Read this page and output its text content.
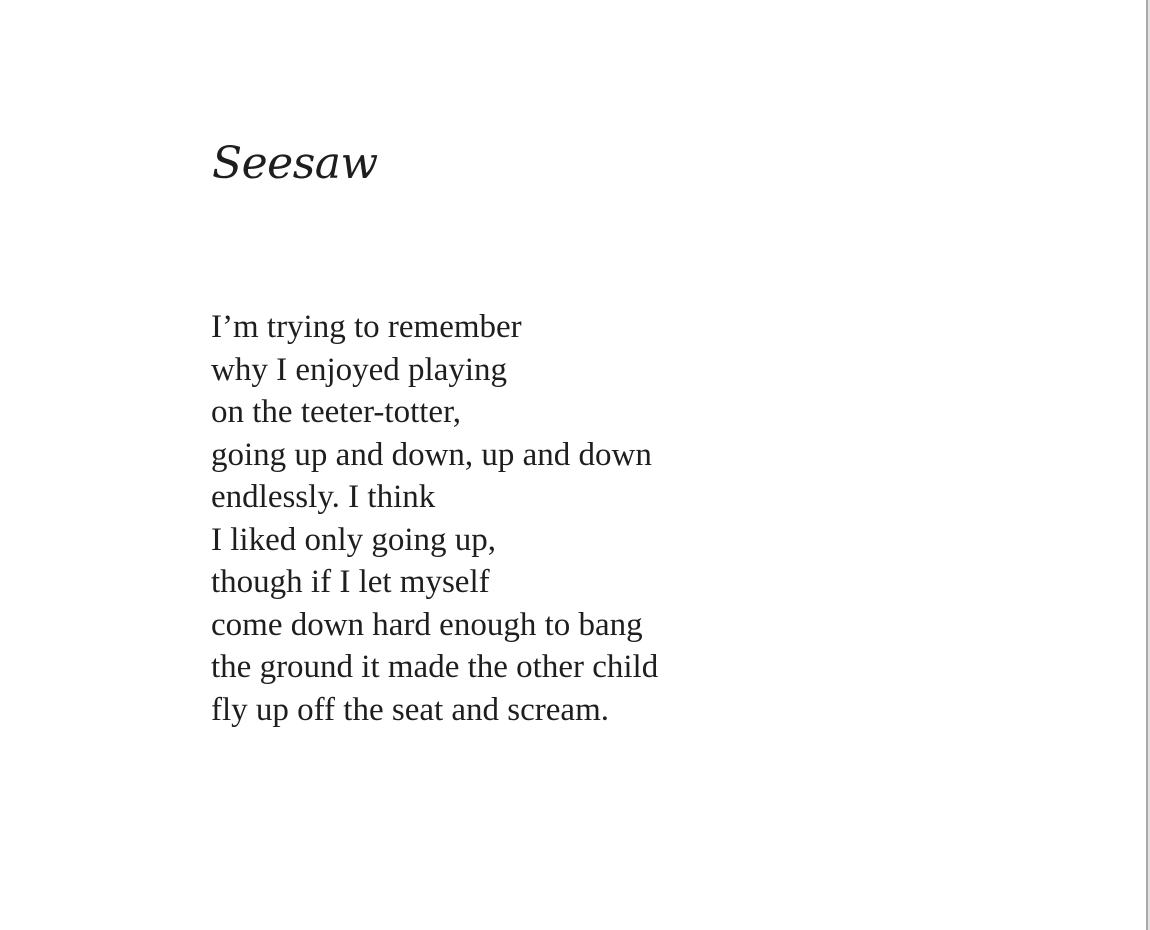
Seesaw
I’m trying to remember
why I enjoyed playing
on the teeter-totter,
going up and down, up and down
endlessly. I think
I liked only going up,
though if I let myself
come down hard enough to bang
the ground it made the other child
fly up off the seat and scream.
